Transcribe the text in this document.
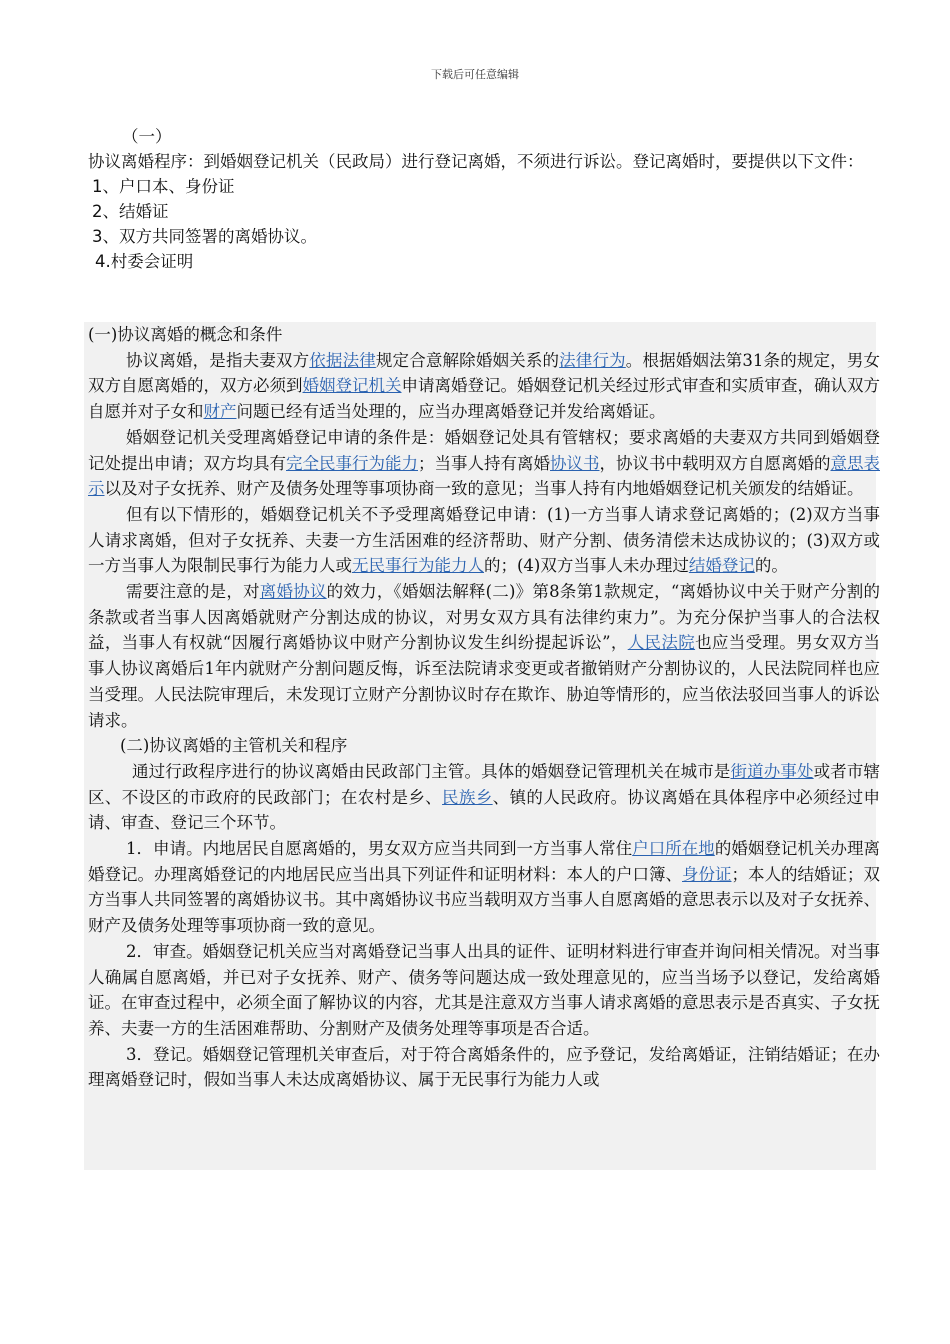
下载后可任意编辑

（一）

协议离婚程序：到婚姻登记机关（民政局）进行登记离婚，不须进行诉讼。登记离婚时，要提供以下文件：

1、户口本、身份证

2、结婚证

3、双方共同签署的离婚协议。

4.村委会证明

(一)协议离婚的概念和条件

协议离婚，是指夫妻双方依据法律规定合意解除婚姻关系的法律行为。根据婚姻法第31条的规定，男女双方自愿离婚的，双方必须到婚姻登记机关申请离婚登记。婚姻登记机关经过形式审查和实质审查，确认双方自愿并对子女和财产问题已经有适当处理的，应当办理离婚登记并发给离婚证。

婚姻登记机关受理离婚登记申请的条件是：婚姻登记处具有管辖权；要求离婚的夫妻双方共同到婚姻登记处提出申请；双方均具有完全民事行为能力；当事人持有离婚协议书，协议书中载明双方自愿离婚的意思表示以及对子女抚养、财产及债务处理等事项协商一致的意见；当事人持有内地婚姻登记机关颁发的结婚证。

但有以下情形的，婚姻登记机关不予受理离婚登记申请：(1)一方当事人请求登记离婚的；(2)双方当事人请求离婚，但对子女抚养、夫妻一方生活困难的经济帮助、财产分割、债务清偿未达成协议的；(3)双方或一方当事人为限制民事行为能力人或无民事行为能力人的；(4)双方当事人未办理过结婚登记的。

需要注意的是，对离婚协议的效力，《婚姻法解释(二)》第8条第1款规定，“离婚协议中关于财产分割的条款或者当事人因离婚就财产分割达成的协议，对男女双方具有法律约束力”。为充分保护当事人的合法权益，当事人有权就“因履行离婚协议中财产分割协议发生纠纷提起诉讼”，人民法院也应当受理。男女双方当事人协议离婚后1年内就财产分割问题反悔，诉至法院请求变更或者撤销财产分割协议的，人民法院同样也应当受理。人民法院审理后，未发现订立财产分割协议时存在欺诈、胁迫等情形的，应当依法驳回当事人的诉讼请求。

(二)协议离婚的主管机关和程序

通过行政程序进行的协议离婚由民政部门主管。具体的婚姻登记管理机关在城市是街道办事处或者市辖区、不设区的市政府的民政部门；在农村是乡、民族乡、镇的人民政府。协议离婚在具体程序中必须经过申请、审查、登记三个环节。

1．申请。内地居民自愿离婚的，男女双方应当共同到一方当事人常住户口所在地的婚姻登记机关办理离婚登记。办理离婚登记的内地居民应当出具下列证件和证明材料：本人的户口簿、身份证；本人的结婚证；双方当事人共同签署的离婚协议书。其中离婚协议书应当载明双方当事人自愿离婚的意思表示以及对子女抚养、财产及债务处理等事项协商一致的意见。

2．审查。婚姻登记机关应当对离婚登记当事人出具的证件、证明材料进行审查并询问相关情况。对当事人确属自愿离婚，并已对子女抚养、财产、债务等问题达成一致处理意见的，应当当场予以登记，发给离婚证。在审查过程中，必须全面了解协议的内容，尤其是注意双方当事人请求离婚的意思表示是否真实、子女抚养、夫妻一方的生活困难帮助、分割财产及债务处理等事项是否合适。

3．登记。婚姻登记管理机关审查后，对于符合离婚条件的，应予登记，发给离婚证，注销结婚证；在办理离婚登记时，假如当事人未达成离婚协议、属于无民事行为能力人或
